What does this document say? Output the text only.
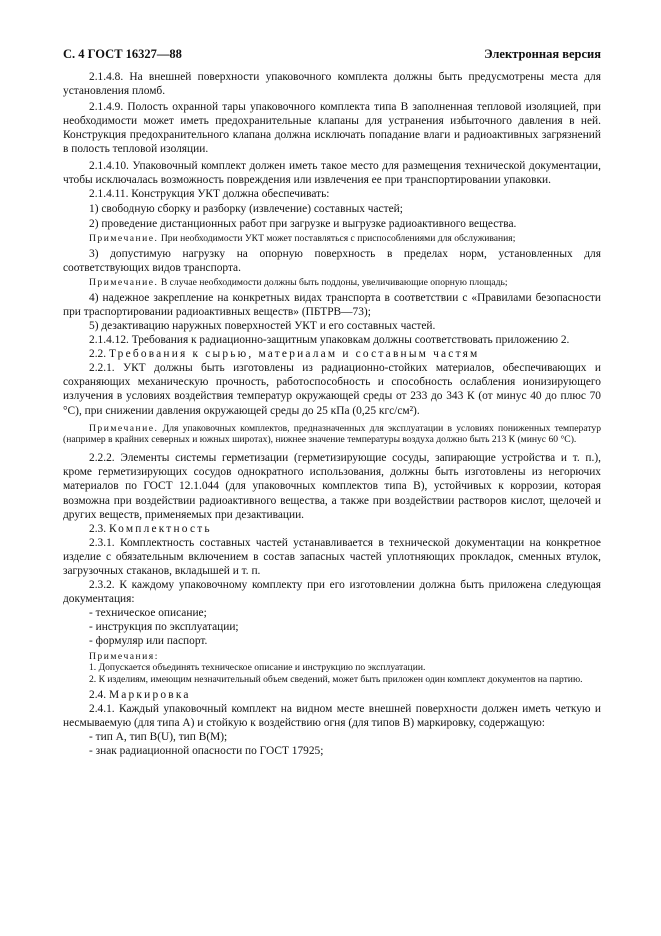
С. 4 ГОСТ 16327—88	Электронная версия

2.1.4.8. На внешней поверхности упаковочного комплекта должны быть предусмотрены места для установления пломб.

2.1.4.9. Полость охранной тары упаковочного комплекта типа В заполненная тепловой изоляцией, при необходимости может иметь предохранительные клапаны для устранения избыточного давления в ней. Конструкция предохранительного клапана должна исключать попадание влаги и радиоактивных загрязнений в полость тепловой изоляции.

2.1.4.10. Упаковочный комплект должен иметь такое место для размещения технической документации, чтобы исключалась возможность повреждения или извлечения ее при транспортировании упаковки.

2.1.4.11. Конструкция УКТ должна обеспечивать:

1) свободную сборку и разборку (извлечение) составных частей;

2) проведение дистанционных работ при загрузке и выгрузке радиоактивного вещества.

Примечание. При необходимости УКТ может поставляться с приспособлениями для обслуживания;

3) допустимую нагрузку на опорную поверхность в пределах норм, установленных для соответствующих видов транспорта.

Примечание. В случае необходимости должны быть поддоны, увеличивающие опорную площадь;

4) надежное закрепление на конкретных видах транспорта в соответствии с «Правилами безопасности при траспортировании радиоактивных веществ» (ПБТРВ—73);

5) дезактивацию наружных поверхностей УКТ и его составных частей.

2.1.4.12. Требования к радиационно-защитным упаковкам должны соответствовать приложению 2.

2.2. Требования к сырью, материалам и составным частям

2.2.1. УКТ должны быть изготовлены из радиационно-стойких материалов, обеспечивающих и сохраняющих механическую прочность, работоспособность и способность ослабления ионизирующего излучения в условиях воздействия температур окружающей среды от 233 до 343 К (от минус 40 до плюс 70 °С), при снижении давления окружающей среды до 25 кПа (0,25 кгс/см²).

Примечание. Для упаковочных комплектов, предназначенных для эксплуатации в условиях пониженных температур (например в крайних северных и южных широтах), нижнее значение температуры воздуха должно быть 213 К (минус 60 °С).

2.2.2. Элементы системы герметизации (герметизирующие сосуды, запирающие устройства и т. п.), кроме герметизирующих сосудов однократного использования, должны быть изготовлены из негорючих материалов по ГОСТ 12.1.044 (для упаковочных комплектов типа В), устойчивых к коррозии, которая возможна при воздействии радиоактивного вещества, а также при воздействии растворов кислот, щелочей и других веществ, применяемых при дезактивации.

2.3. Комплектность

2.3.1. Комплектность составных частей устанавливается в технической документации на конкретное изделие с обязательным включением в состав запасных частей уплотняющих прокладок, сменных втулок, загрузочных стаканов, вкладышей и т. п.

2.3.2. К каждому упаковочному комплекту при его изготовлении должна быть приложена следующая документация:

- техническое описание;

- инструкция по эксплуатации;

- формуляр или паспорт.

Примечания:

1. Допускается объединять техническое описание и инструкцию по эксплуатации.

2. К изделиям, имеющим незначительный объем сведений, может быть приложен один комплект документов на партию.

2.4. Маркировка

2.4.1. Каждый упаковочный комплект на видном месте внешней поверхности должен иметь четкую и несмываемую (для типа А) и стойкую к воздействию огня (для типов В) маркировку, содержащую:

- тип А, тип В(U), тип В(М);

- знак радиационной опасности по ГОСТ 17925;
